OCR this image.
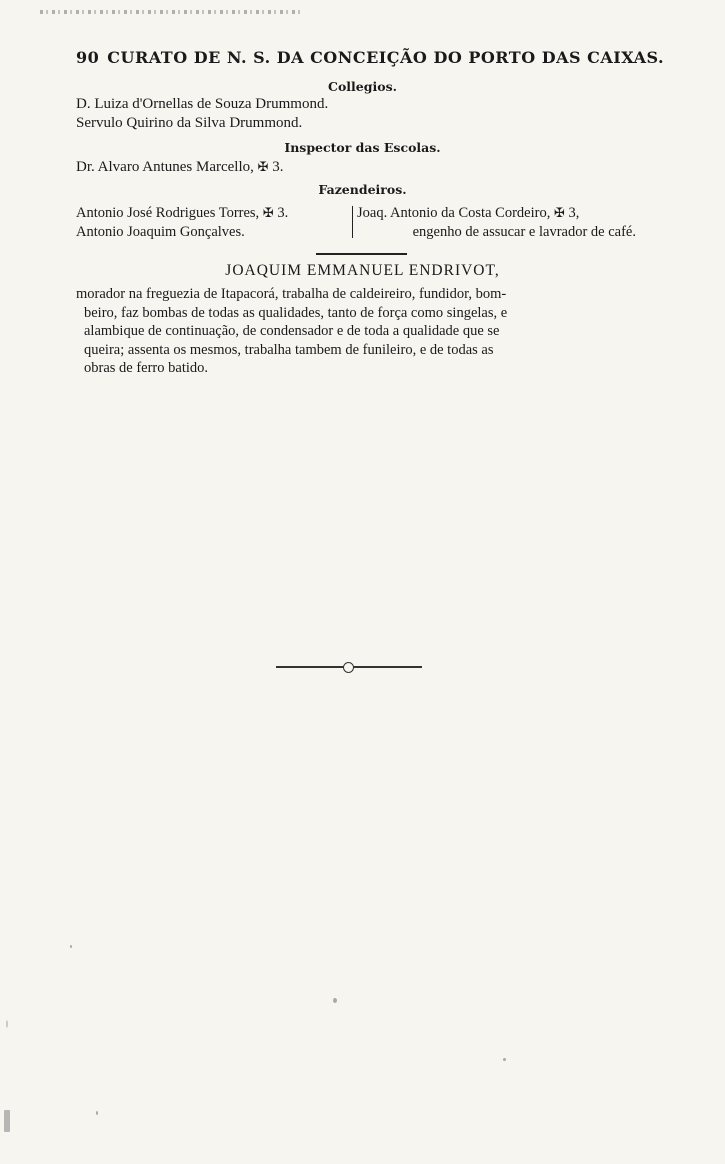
90 CURATO DE N. S. DA CONCEIÇÃO DO PORTO DAS CAIXAS.
Collegios.
D. Luiza d'Ornellas de Souza Drummond.
Servulo Quirino da Silva Drummond.
Inspector das Escolas.
Dr. Alvaro Antunes Marcello, ✠ 3.
Fazendeiros.
Antonio José Rodrigues Torres, ✠ 3.
Antonio Joaquim Gonçalves.
Joaq. Antonio da Costa Cordeiro, ✠ 3,
engenho de assucar e lavrador de café.
JOAQUIM EMMANUEL ENDRIVOT,
morador na freguezia de Itapacorá, trabalha de caldeireiro, fundidor, bom-
beiro, faz bombas de todas as qualidades, tanto de força como singelas, e
alambique de continuação, de condensador e de toda a qualidade que se
queira; assenta os mesmos, trabalha tambem de funileiro, e de todas as
obras de ferro batido.
